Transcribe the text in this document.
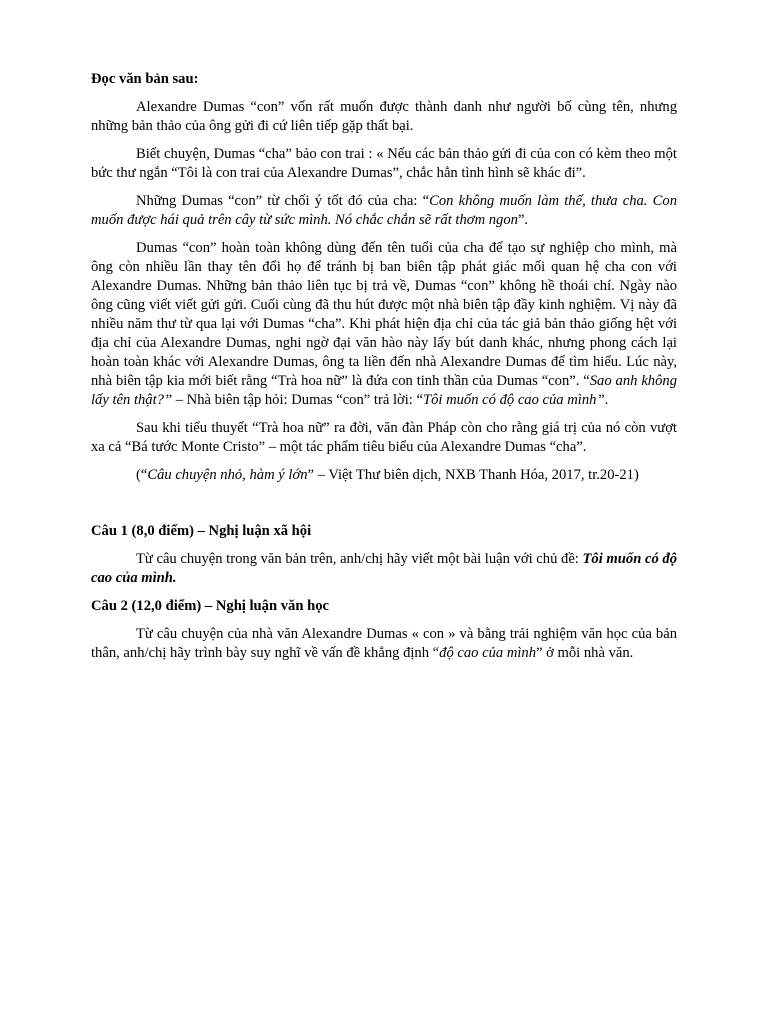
Đọc văn bản sau:

Alexandre Dumas “con” vốn rất muốn được thành danh như người bố cùng tên, nhưng những bản thảo của ông gửi đi cứ liên tiếp gặp thất bại.

Biết chuyện, Dumas “cha” bảo con trai : « Nếu các bản thảo gửi đi của con có kèm theo một bức thư ngắn “Tôi là con trai của Alexandre Dumas”, chắc hẳn tình hình sẽ khác đi”.

Những Dumas “con” từ chối ý tốt đó của cha: “Con không muốn làm thế, thưa cha. Con muốn được hái quả trên cây từ sức mình. Nó chắc chắn sẽ rất thơm ngon”.

Dumas “con” hoàn toàn không dùng đến tên tuổi của cha để tạo sự nghiệp cho mình, mà ông còn nhiều lần thay tên đổi họ để tránh bị ban biên tập phát giác mối quan hệ cha con với Alexandre Dumas. Những bản thảo liên tục bị trả về, Dumas “con” không hề thoái chí. Ngày nào ông cũng viết viết gửi gửi. Cuối cùng đã thu hút được một nhà biên tập đầy kinh nghiệm. Vị này đã nhiều năm thư từ qua lại với Dumas “cha”. Khi phát hiện địa chỉ của tác giả bản thảo giống hệt với địa chỉ của Alexandre Dumas, nghi ngờ đại văn hào này lấy bút danh khác, nhưng phong cách lại hoàn toàn khác với Alexandre Dumas, ông ta liền đến nhà Alexandre Dumas để tìm hiểu. Lúc này, nhà biên tập kia mới biết rằng “Trà hoa nữ” là đứa con tinh thần của Dumas “con”. “Sao anh không lấy tên thật?” – Nhà biên tập hỏi: Dumas “con” trả lời: “Tôi muốn có độ cao của mình”.

Sau khi tiểu thuyết “Trà hoa nữ” ra đời, văn đàn Pháp còn cho rằng giá trị của nó còn vượt xa cả “Bá tước Monte Cristo” – một tác phẩm tiêu biểu của Alexandre Dumas “cha”.

(“Câu chuyện nhỏ, hàm ý lớn” – Việt Thư biên dịch, NXB Thanh Hóa, 2017, tr.20-21)

Câu 1 (8,0 điểm) – Nghị luận xã hội

Từ câu chuyện trong văn bản trên, anh/chị hãy viết một bài luận với chủ đề: Tôi muốn có độ cao của mình.

Câu 2 (12,0 điểm) – Nghị luận văn học

Từ câu chuyện của nhà văn Alexandre Dumas « con » và bằng trải nghiệm văn học của bản thân, anh/chị hãy trình bày suy nghĩ về vấn đề khẳng định “độ cao của mình” ở mỗi nhà văn.
